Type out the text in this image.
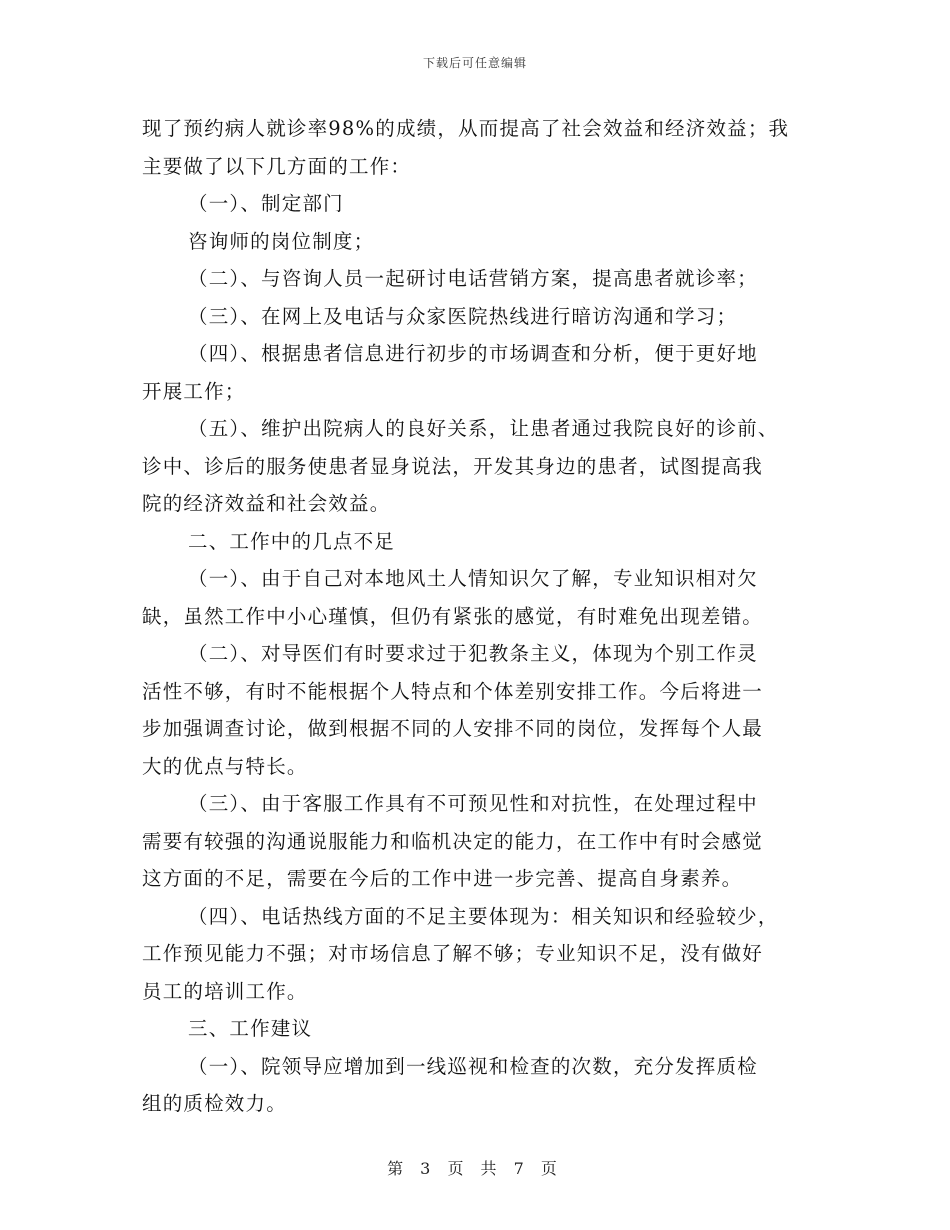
下载后可任意编辑
现了预约病人就诊率98%的成绩，从而提高了社会效益和经济效益；我
主要做了以下几方面的工作：
（一）、制定部门
咨询师的岗位制度；
（二）、与咨询人员一起研讨电话营销方案，提高患者就诊率；
（三）、在网上及电话与众家医院热线进行暗访沟通和学习；
（四）、根据患者信息进行初步的市场调查和分析，便于更好地
开展工作；
（五）、维护出院病人的良好关系，让患者通过我院良好的诊前、
诊中、诊后的服务使患者显身说法，开发其身边的患者，试图提高我
院的经济效益和社会效益。
二、工作中的几点不足
（一）、由于自己对本地风土人情知识欠了解，专业知识相对欠
缺，虽然工作中小心瑾慎，但仍有紧张的感觉，有时难免出现差错。
（二）、对导医们有时要求过于犯教条主义，体现为个别工作灵
活性不够，有时不能根据个人特点和个体差别安排工作。今后将进一
步加强调查讨论，做到根据不同的人安排不同的岗位，发挥每个人最
大的优点与特长。
（三）、由于客服工作具有不可预见性和对抗性，在处理过程中
需要有较强的沟通说服能力和临机决定的能力，在工作中有时会感觉
这方面的不足，需要在今后的工作中进一步完善、提高自身素养。
（四）、电话热线方面的不足主要体现为：相关知识和经验较少，
工作预见能力不强；对市场信息了解不够；专业知识不足，没有做好
员工的培训工作。
三、工作建议
（一）、院领导应增加到一线巡视和检查的次数，充分发挥质检
组的质检效力。
第 3 页 共 7 页
